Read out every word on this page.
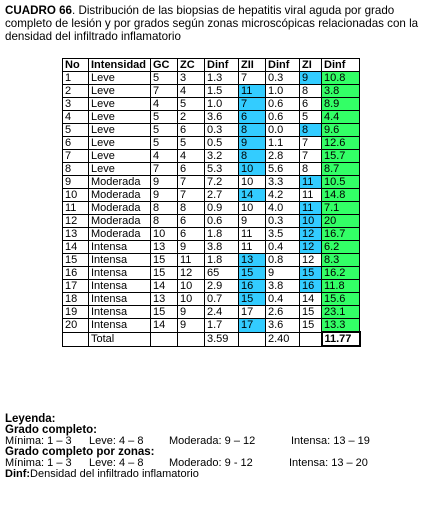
CUADRO 66. Distribución de las biopsias de hepatitis viral aguda por grado completo de lesión y por grados según zonas microscópicas relacionadas con la densidad del infiltrado inflamatorio
No	Intensidad	GC	ZC	Dinf	ZII	Dinf	ZI	Dinf
1	Leve	5	3	1.3	7	0.3	9	10.8
2	Leve	7	4	1.5	11	1.0	8	3.8
3	Leve	4	5	1.0	7	0.6	6	8.9
4	Leve	5	2	3.6	6	0.6	5	4.4
5	Leve	5	6	0.3	8	0.0	8	9.6
6	Leve	5	5	0.5	9	1.1	7	12.6
7	Leve	4	4	3.2	8	2.8	7	15.7
8	Leve	7	6	5.3	10	5.6	8	8.7
9	Moderada	9	7	7.2	10	3.3	11	10.5
10	Moderada	9	7	2.7	14	4.2	11	14.8
11	Moderada	8	8	0.9	10	4.0	11	7.1
12	Moderada	8	6	0.6	9	0.3	10	20
13	Moderada	10	6	1.8	11	3.5	12	16.7
14	Intensa	13	9	3.8	11	0.4	12	6.2
15	Intensa	15	11	1.8	13	0.8	12	8.3
16	Intensa	15	12	65	15	9	15	16.2
17	Intensa	14	10	2.9	16	3.8	16	11.8
18	Intensa	13	10	0.7	15	0.4	14	15.6
19	Intensa	15	9	2.4	17	2.6	15	23.1
20	Intensa	14	9	1.7	17	3.6	15	13.3
	Total			3.59		2.40		11.77
Leyenda:
Grado completo:
Mínima: 1 – 3 Leve: 4 – 8 Moderada: 9 – 12	Intensa: 13 – 19
Grado completo por zonas:
Mínima: 1 – 3 Leve: 4 – 8 Moderado: 9 - 12	Intensa: 13 – 20
Dinf:Densidad del infiltrado inflamatorio
